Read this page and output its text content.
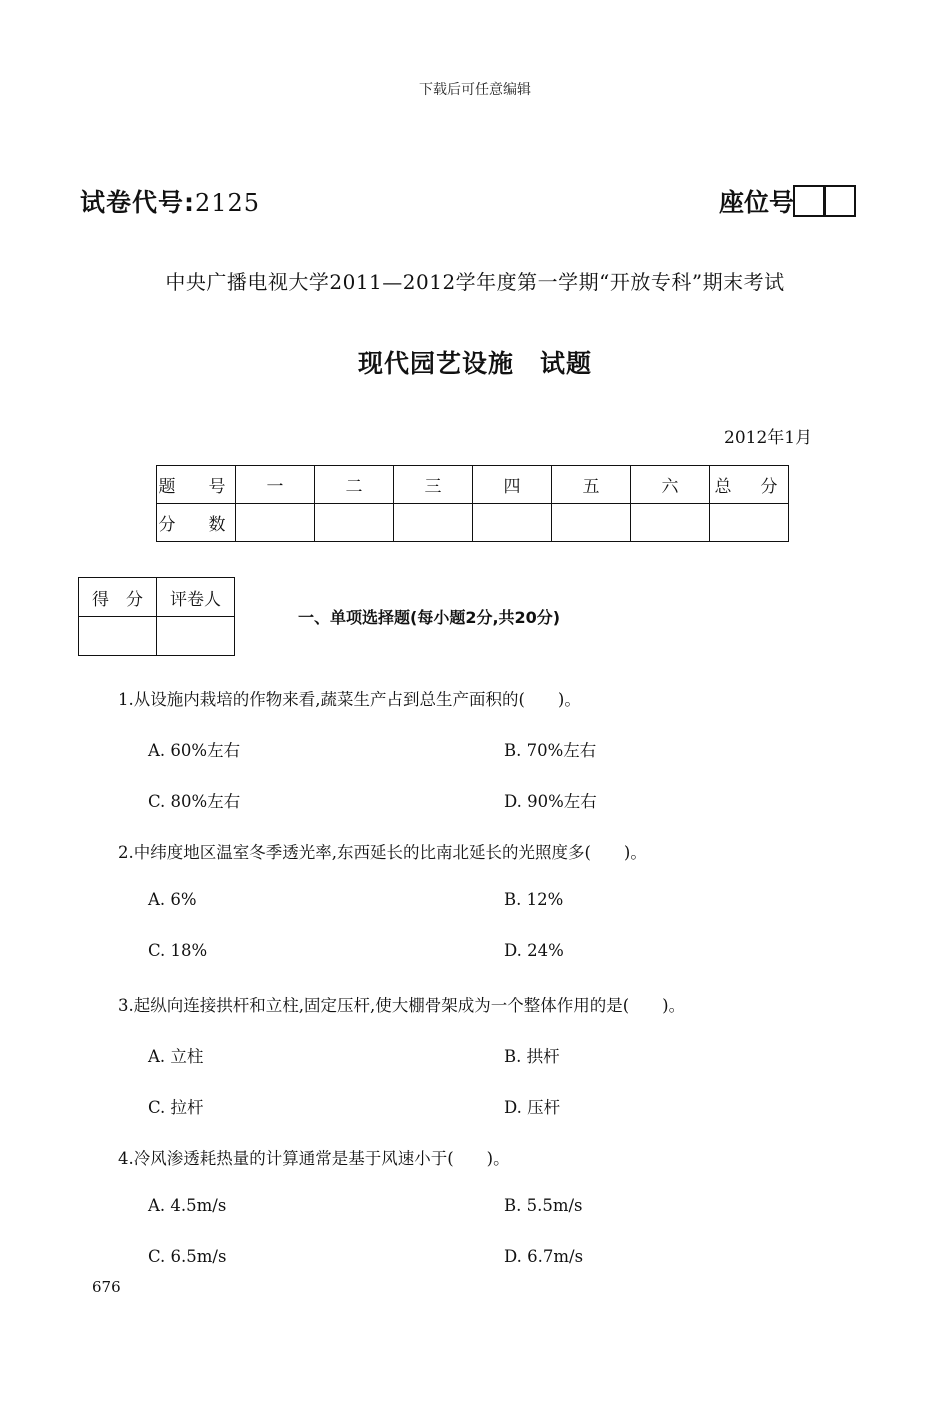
下载后可任意编辑
试卷代号:2125	座位号
中央广播电视大学2011—2012学年度第一学期“开放专科”期末考试
现代园艺设施　试题
2012年1月
题　号	一	二	三	四	五	六	总　分
分　数							
得　分	评卷人

一、单项选择题(每小题2分,共20分)
1.从设施内栽培的作物来看,蔬菜生产占到总生产面积的(　　)。
A. 60%左右	B. 70%左右
C. 80%左右	D. 90%左右
2.中纬度地区温室冬季透光率,东西延长的比南北延长的光照度多(　　)。
A. 6%	B. 12%
C. 18%	D. 24%
3.起纵向连接拱杆和立柱,固定压杆,使大棚骨架成为一个整体作用的是(　　)。
A. 立柱	B. 拱杆
C. 拉杆	D. 压杆
4.冷风渗透耗热量的计算通常是基于风速小于(　　)。
A. 4.5m/s	B. 5.5m/s
C. 6.5m/s	D. 6.7m/s
676
